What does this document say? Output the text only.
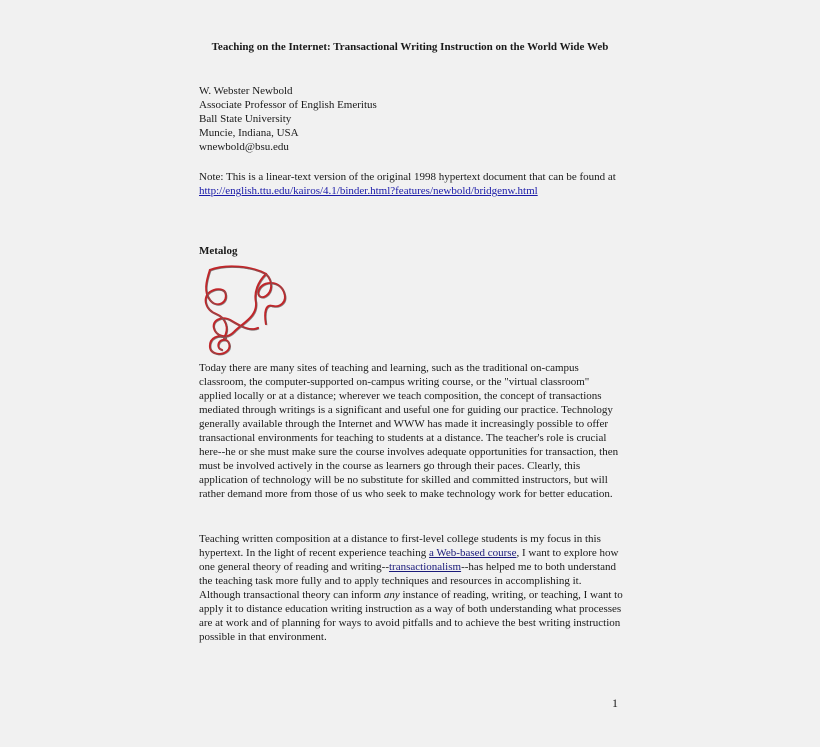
Teaching on the Internet: Transactional Writing Instruction on the World Wide Web
W. Webster Newbold
Associate Professor of English Emeritus
Ball State University
Muncie, Indiana, USA
wnewbold@bsu.edu
Note: This is a linear-text version of the original 1998 hypertext document that can be found at http://english.ttu.edu/kairos/4.1/binder.html?features/newbold/bridgenw.html
Metalog
Today there are many sites of teaching and learning, such as the traditional on-campus classroom, the computer-supported on-campus writing course, or the "virtual classroom" applied locally or at a distance; wherever we teach composition, the concept of transactions mediated through writings is a significant and useful one for guiding our practice. Technology generally available through the Internet and WWW has made it increasingly possible to offer transactional environments for teaching to students at a distance. The teacher's role is crucial here--he or she must make sure the course involves adequate opportunities for transaction, then must be involved actively in the course as learners go through their paces. Clearly, this application of technology will be no substitute for skilled and committed instructors, but will rather demand more from those of us who seek to make technology work for better education.
Teaching written composition at a distance to first-level college students is my focus in this hypertext. In the light of recent experience teaching a Web-based course, I want to explore how one general theory of reading and writing--transactionalism--has helped me to both understand the teaching task more fully and to apply techniques and resources in accomplishing it. Although transactional theory can inform any instance of reading, writing, or teaching, I want to apply it to distance education writing instruction as a way of both understanding what processes are at work and of planning for ways to avoid pitfalls and to achieve the best writing instruction possible in that environment.
1
